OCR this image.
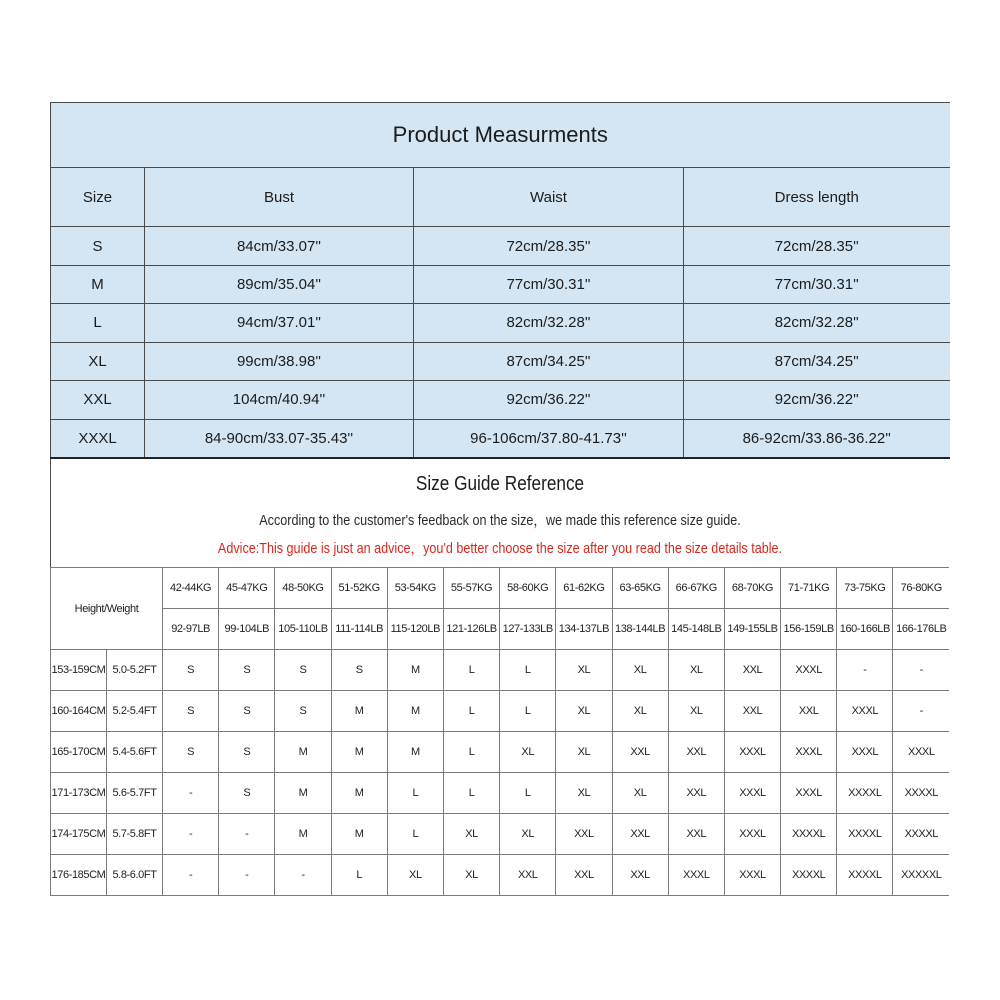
Product Measurments			
Size	Bust	Waist	Dress length
S	84cm/33.07''	72cm/28.35''	72cm/28.35''
M	89cm/35.04''	77cm/30.31''	77cm/30.31''
L	94cm/37.01''	82cm/32.28''	82cm/32.28''
XL	99cm/38.98''	87cm/34.25''	87cm/34.25''
XXL	104cm/40.94''	92cm/36.22''	92cm/36.22''
XXXL	84-90cm/33.07-35.43''	96-106cm/37.80-41.73''	86-92cm/33.86-36.22''
Size Guide Reference
According to the customer's feedback on the size，we made this reference size guide.
Advice:This guide is just an advice，you'd better choose the size after you read the size details table.
Height/Weight		42-44KG	45-47KG	48-50KG	51-52KG	53-54KG	55-57KG	58-60KG	61-62KG	63-65KG	66-67KG	68-70KG	71-71KG	73-75KG	76-80KG
		92-97LB	99-104LB	105-110LB	111-114LB	115-120LB	121-126LB	127-133LB	134-137LB	138-144LB	145-148LB	149-155LB	156-159LB	160-166LB	166-176LB
153-159CM	5.0-5.2FT	S	S	S	S	M	L	L	XL	XL	XL	XXL	XXXL	-	-
160-164CM	5.2-5.4FT	S	S	S	M	M	L	L	XL	XL	XL	XXL	XXL	XXXL	-
165-170CM	5.4-5.6FT	S	S	M	M	M	L	XL	XL	XXL	XXL	XXXL	XXXL	XXXL	XXXL
171-173CM	5.6-5.7FT	-	S	M	M	L	L	L	XL	XL	XXL	XXXL	XXXL	XXXXL	XXXXL
174-175CM	5.7-5.8FT	-	-	M	M	L	XL	XL	XXL	XXL	XXL	XXXL	XXXXL	XXXXL	XXXXL
176-185CM	5.8-6.0FT	-	-	-	L	XL	XL	XXL	XXL	XXL	XXXL	XXXL	XXXXL	XXXXL	XXXXXL
